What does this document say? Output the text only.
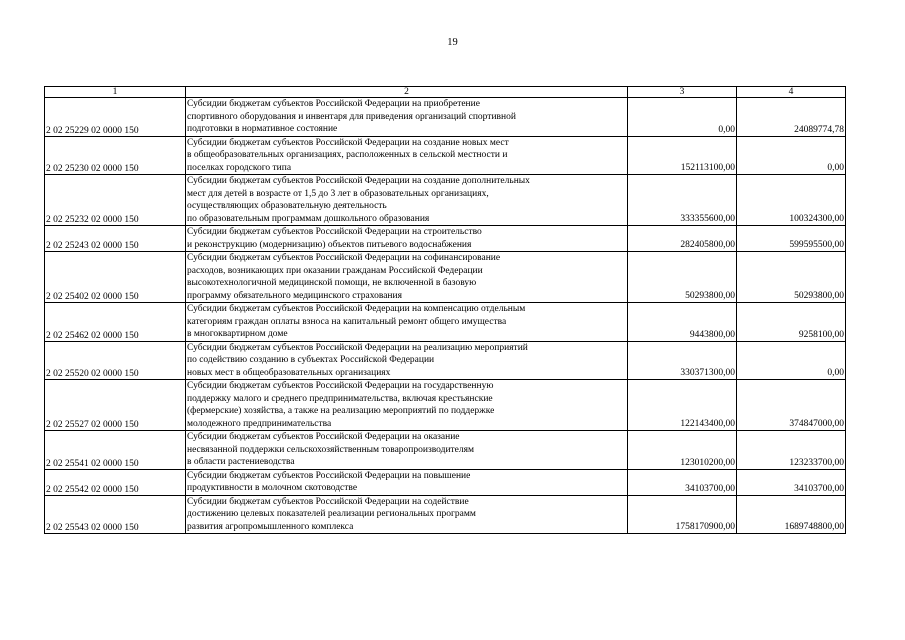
19
1	2	3	4
2 02 25229 02 0000 150	Субсидии бюджетам субъектов Российской Федерации на приобретение
спортивного оборудования и инвентаря для приведения организаций спортивной
подготовки в нормативное состояние	0,00	24089774,78
2 02 25230 02 0000 150	Субсидии бюджетам субъектов Российской Федерации на создание новых мест
в общеобразовательных организациях, расположенных в сельской местности и
поселках городского типа	152113100,00	0,00
2 02 25232 02 0000 150	Субсидии бюджетам субъектов Российской Федерации на создание дополнительных
мест для детей в возрасте от 1,5 до 3 лет в образовательных организациях,
осуществляющих образовательную деятельность
по образовательным программам дошкольного образования	333355600,00	100324300,00
2 02 25243 02 0000 150	Субсидии бюджетам субъектов Российской Федерации на строительство
и реконструкцию (модернизацию) объектов питьевого водоснабжения	282405800,00	599595500,00
2 02 25402 02 0000 150	Субсидии бюджетам субъектов Российской Федерации на софинансирование
расходов, возникающих при оказании гражданам Российской Федерации
высокотехнологичной медицинской помощи, не включенной в базовую
программу обязательного медицинского страхования	50293800,00	50293800,00
2 02 25462 02 0000 150	Субсидии бюджетам субъектов Российской Федерации на компенсацию отдельным
категориям граждан оплаты взноса на капитальный ремонт общего имущества
в многоквартирном доме	9443800,00	9258100,00
2 02 25520 02 0000 150	Субсидии бюджетам субъектов Российской Федерации на реализацию мероприятий
по содействию созданию в субъектах Российской Федерации
новых мест в общеобразовательных организациях	330371300,00	0,00
2 02 25527 02 0000 150	Субсидии бюджетам субъектов Российской Федерации на государственную
поддержку малого и среднего предпринимательства, включая крестьянские
(фермерские) хозяйства, а также на реализацию мероприятий по поддержке
молодежного предпринимательства	122143400,00	374847000,00
2 02 25541 02 0000 150	Субсидии бюджетам субъектов Российской Федерации на оказание
несвязанной поддержки сельскохозяйственным товаропроизводителям
в области растениеводства	123010200,00	123233700,00
2 02 25542 02 0000 150	Субсидии бюджетам субъектов Российской Федерации на повышение
продуктивности в молочном скотоводстве	34103700,00	34103700,00
2 02 25543 02 0000 150	Субсидии бюджетам субъектов Российской Федерации на содействие
достижению целевых показателей реализации региональных программ
развития агропромышленного комплекса	1758170900,00	1689748800,00
